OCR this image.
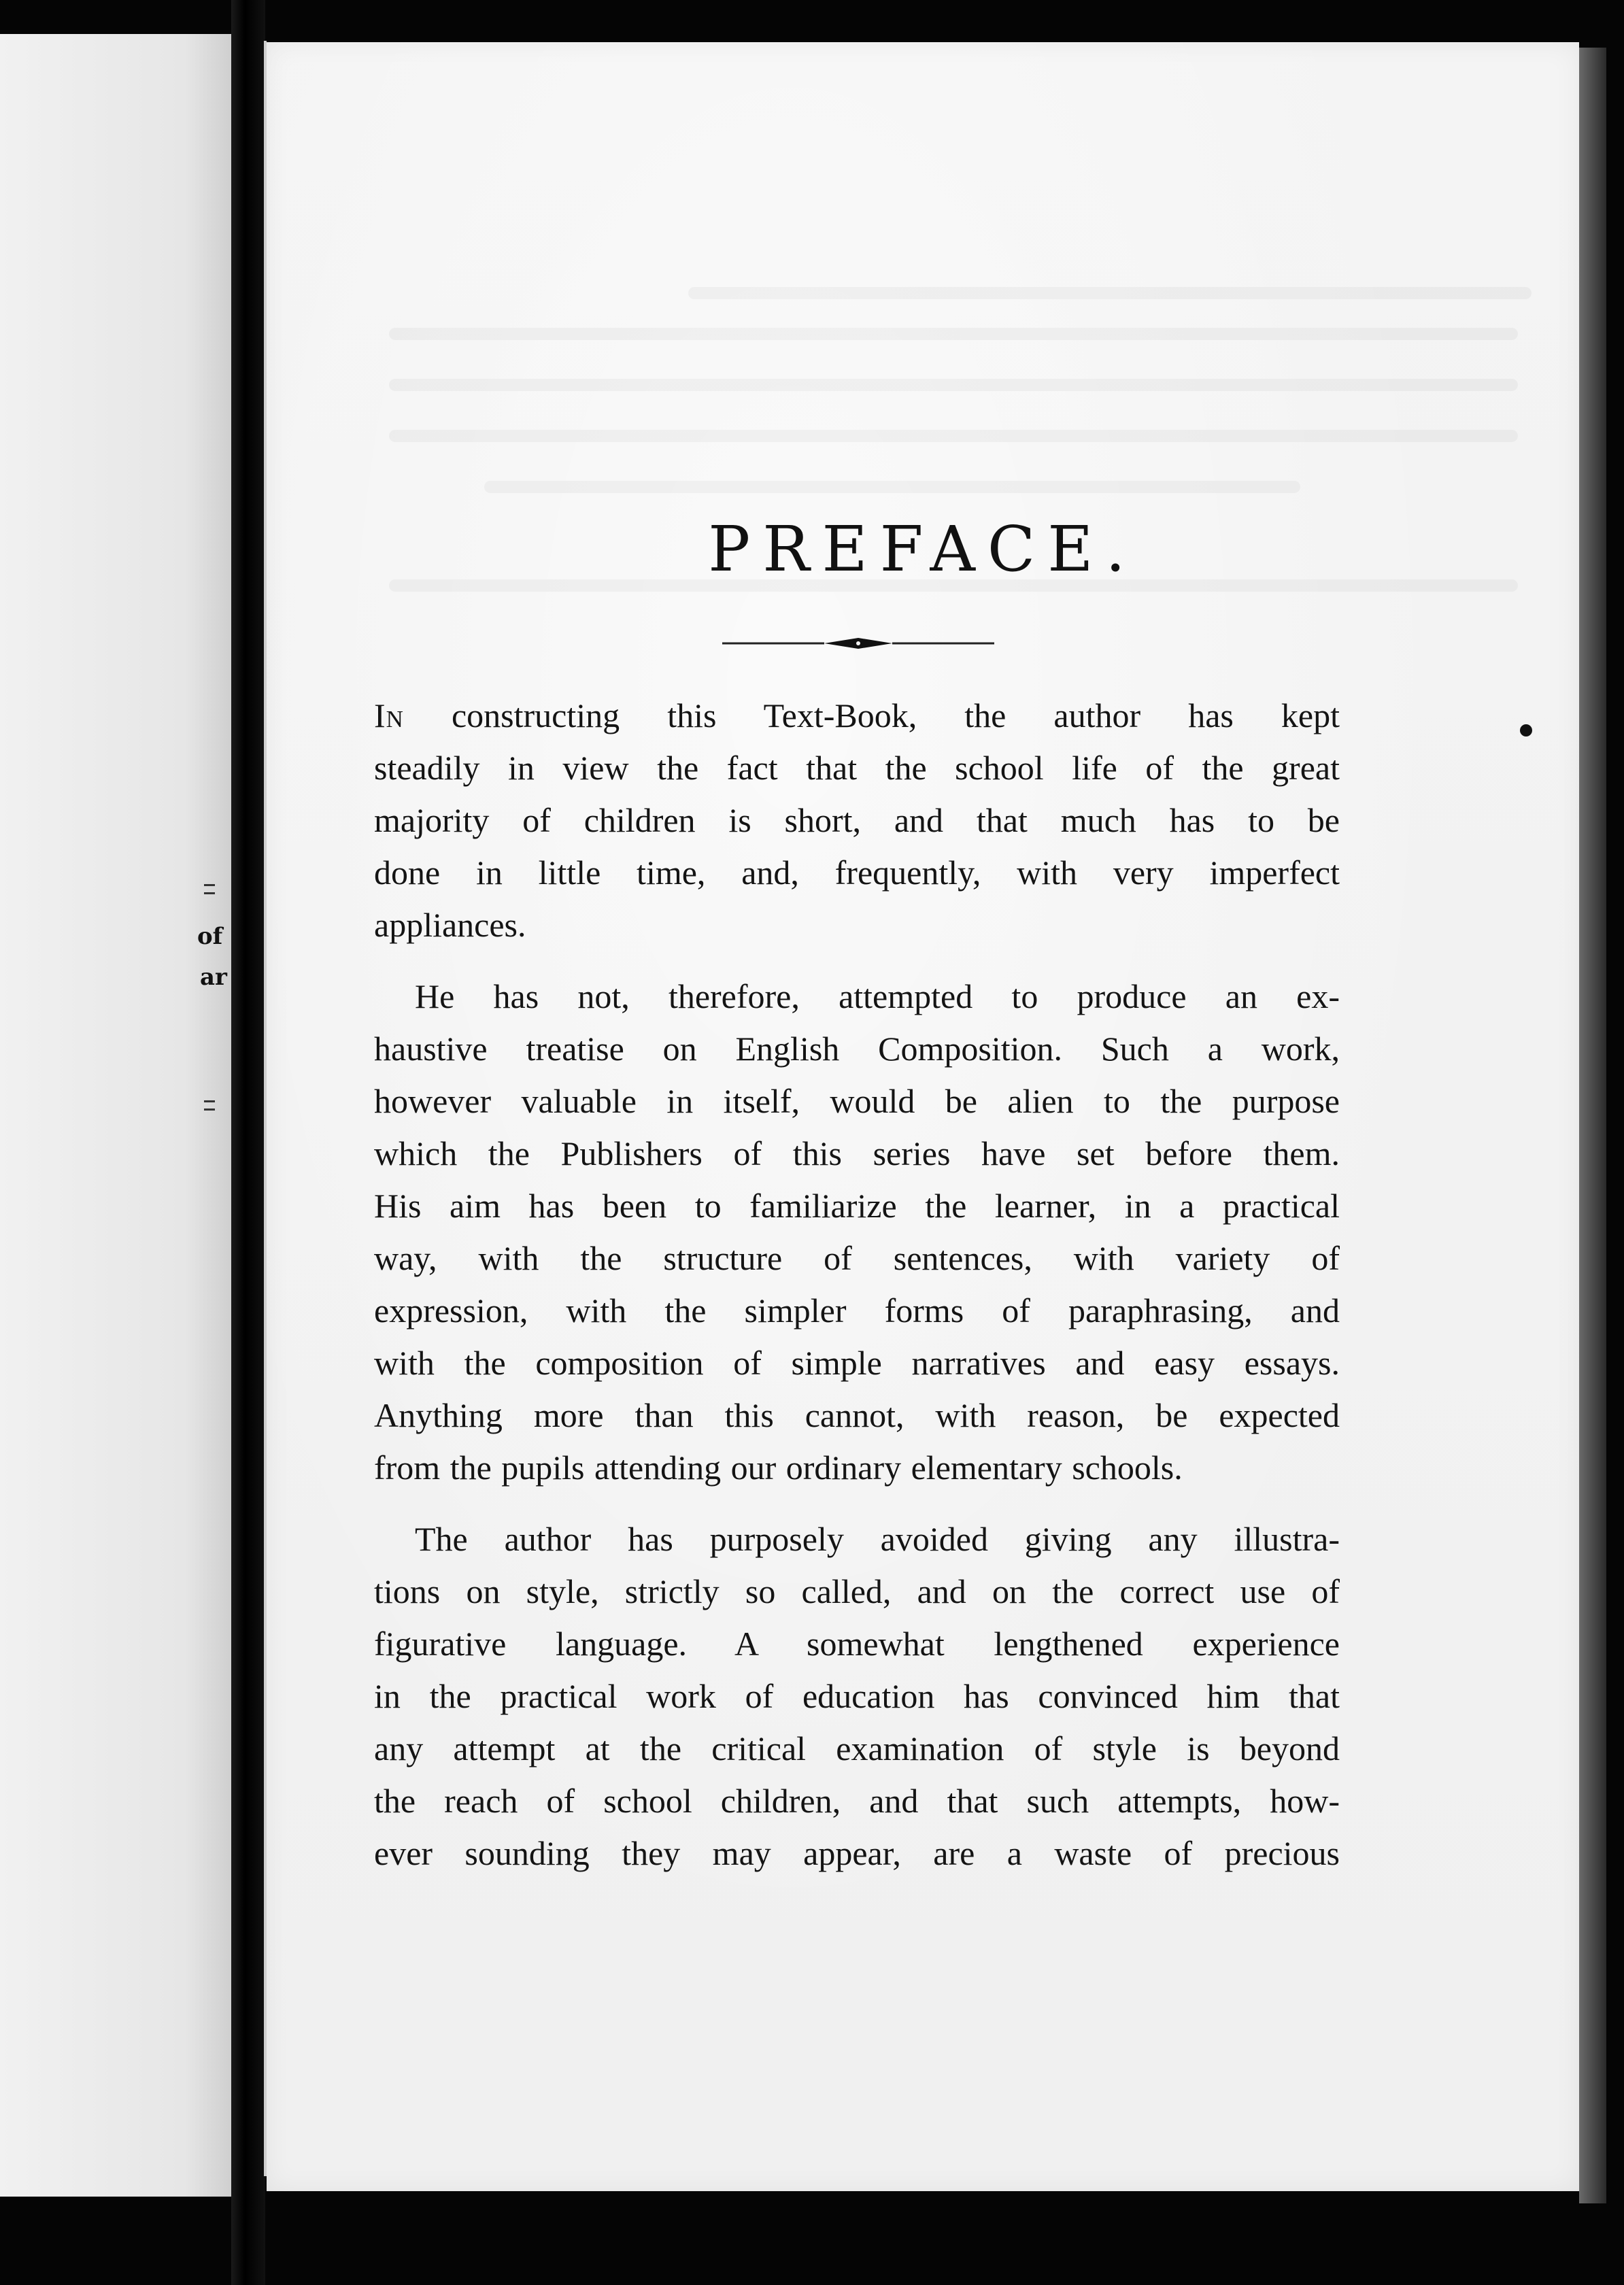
of
ar
PREFACE.
In constructing this Text-Book, the author has kept
steadily in view the fact that the school life of the great
majority of children is short, and that much has to be
done in little time, and, frequently, with very imperfect
appliances.
He has not, therefore, attempted to produce an ex-
haustive treatise on English Composition. Such a work,
however valuable in itself, would be alien to the purpose
which the Publishers of this series have set before them.
His aim has been to familiarize the learner, in a practical
way, with the structure of sentences, with variety of
expression, with the simpler forms of paraphrasing, and
with the composition of simple narratives and easy essays.
Anything more than this cannot, with reason, be expected
from the pupils attending our ordinary elementary schools.
The author has purposely avoided giving any illustra-
tions on style, strictly so called, and on the correct use of
figurative language. A somewhat lengthened experience
in the practical work of education has convinced him that
any attempt at the critical examination of style is beyond
the reach of school children, and that such attempts, how-
ever sounding they may appear, are a waste of precious
